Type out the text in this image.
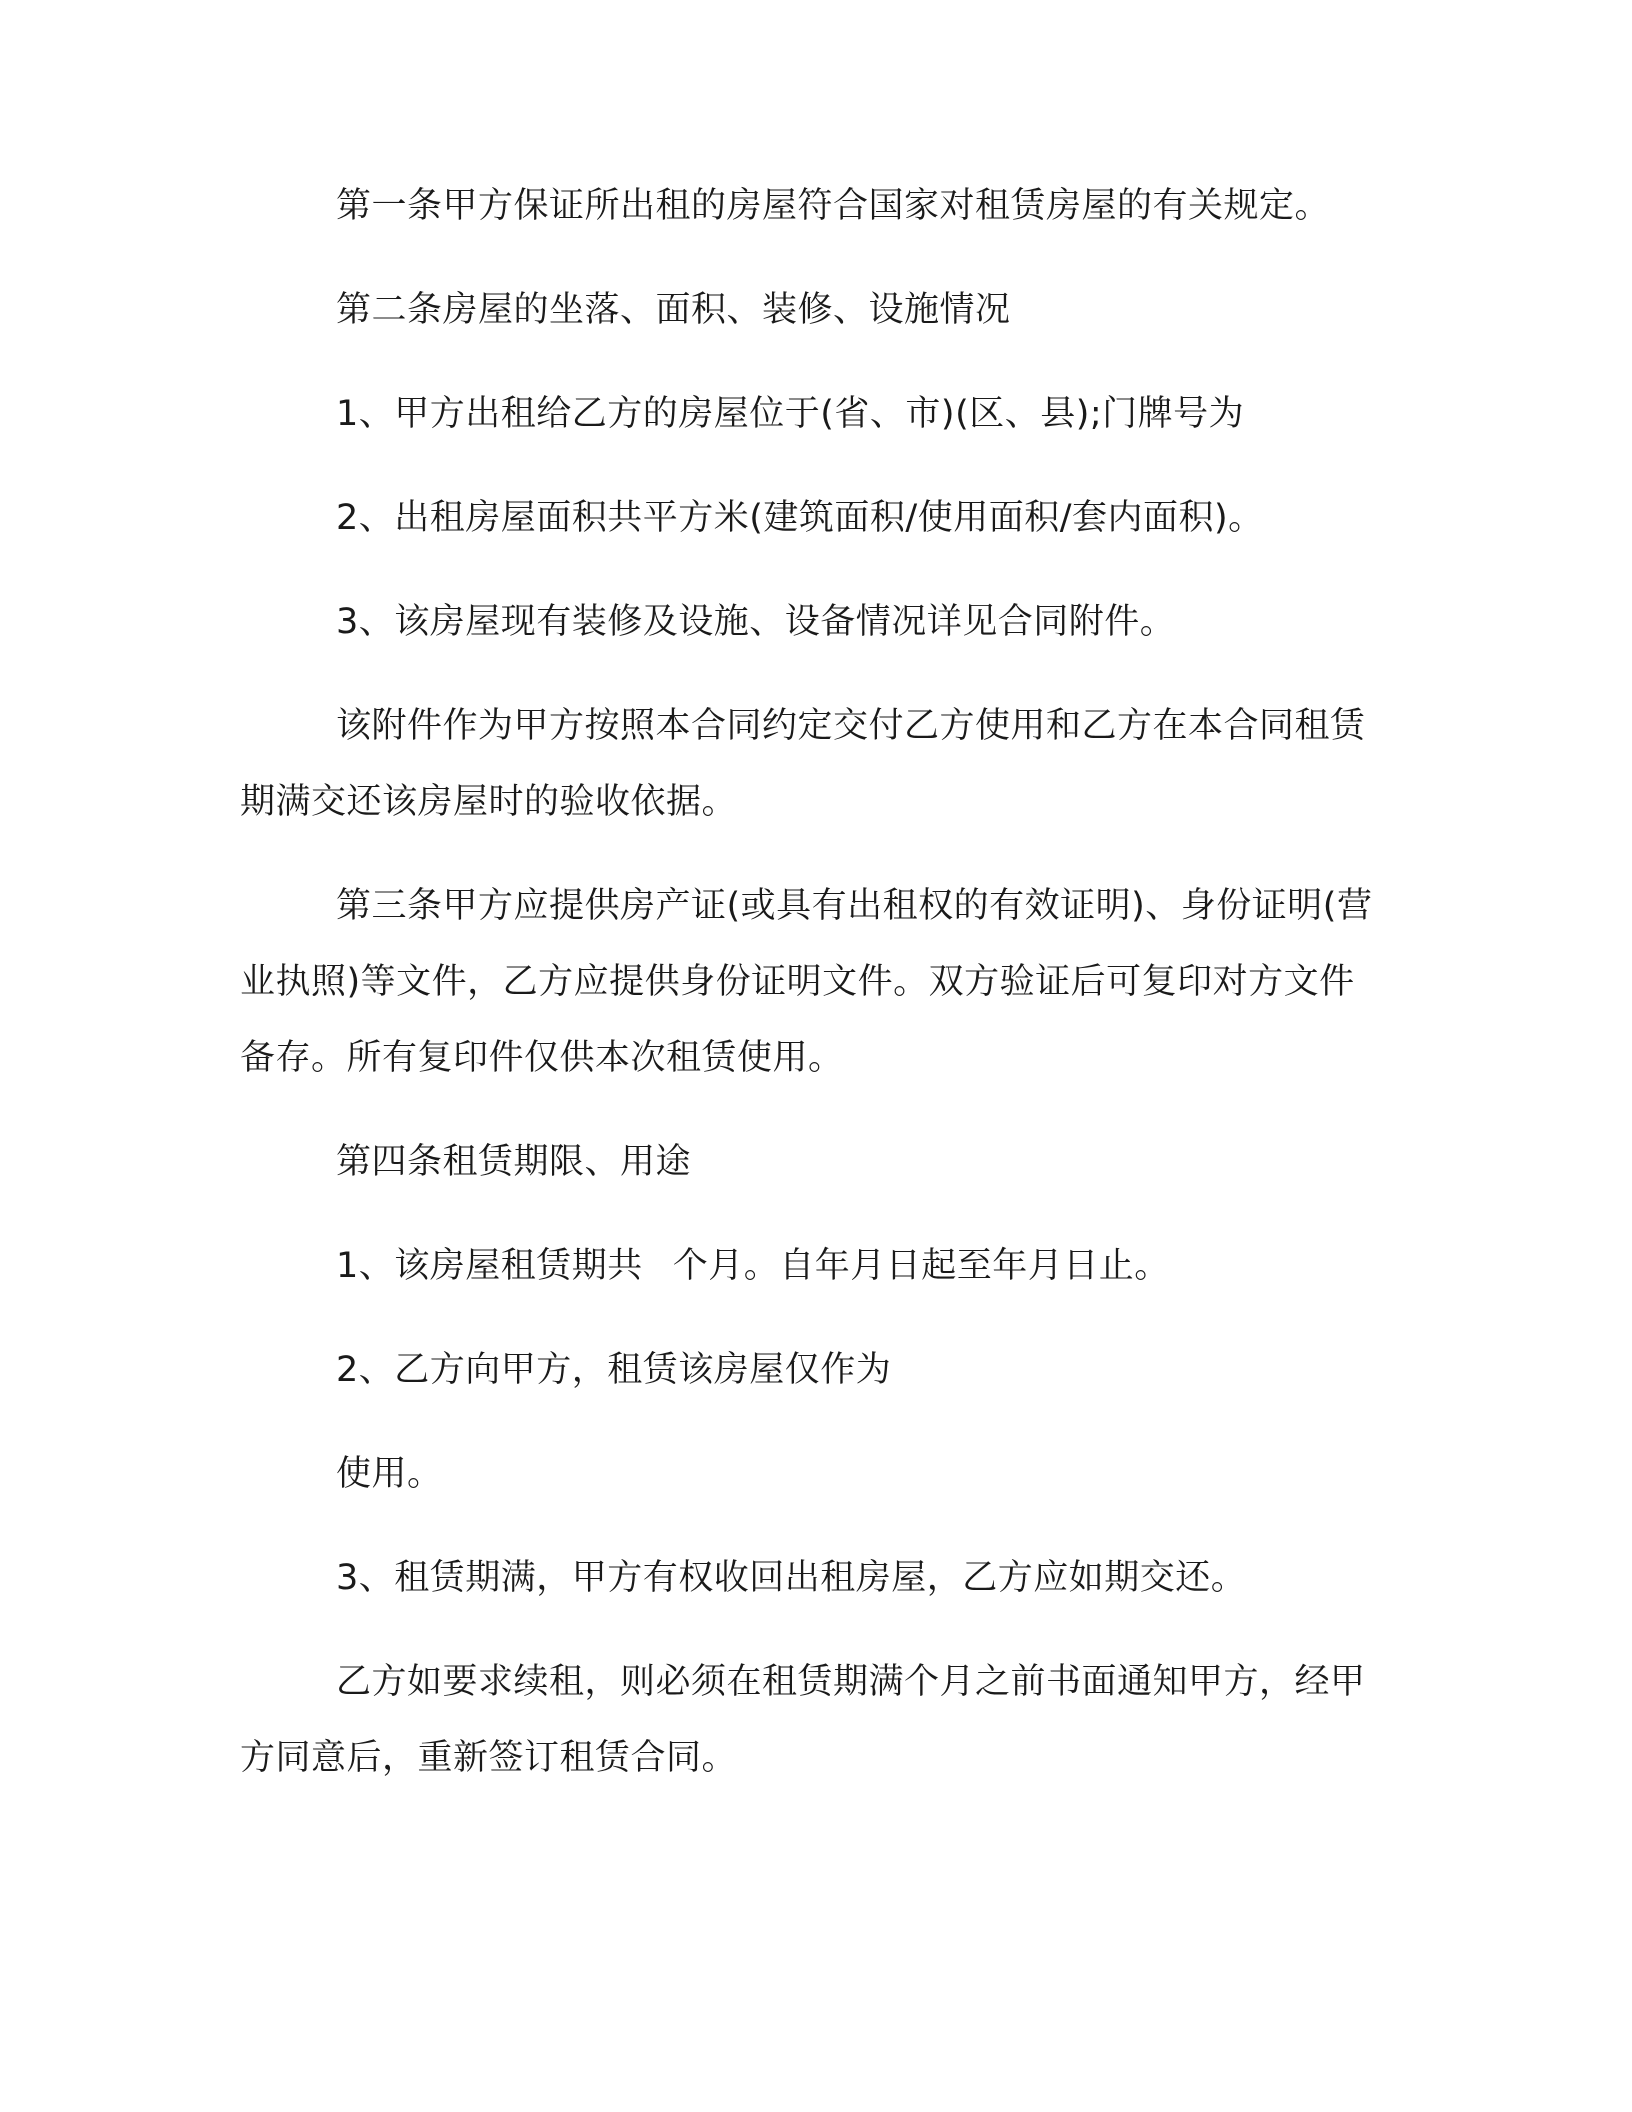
第一条甲方保证所出租的房屋符合国家对租赁房屋的有关规定。

第二条房屋的坐落、面积、装修、设施情况

1、甲方出租给乙方的房屋位于(省、市)(区、县);门牌号为

2、出租房屋面积共平方米(建筑面积/使用面积/套内面积)。

3、该房屋现有装修及设施、设备情况详见合同附件。

该附件作为甲方按照本合同约定交付乙方使用和乙方在本合同租赁期满交还该房屋时的验收依据。

第三条甲方应提供房产证(或具有出租权的有效证明)、身份证明(营业执照)等文件，乙方应提供身份证明文件。双方验证后可复印对方文件备存。所有复印件仅供本次租赁使用。

第四条租赁期限、用途

1、该房屋租赁期共 个月。自年月日起至年月日止。

2、乙方向甲方，租赁该房屋仅作为

使用。

3、租赁期满，甲方有权收回出租房屋，乙方应如期交还。

乙方如要求续租，则必须在租赁期满个月之前书面通知甲方，经甲方同意后，重新签订租赁合同。
